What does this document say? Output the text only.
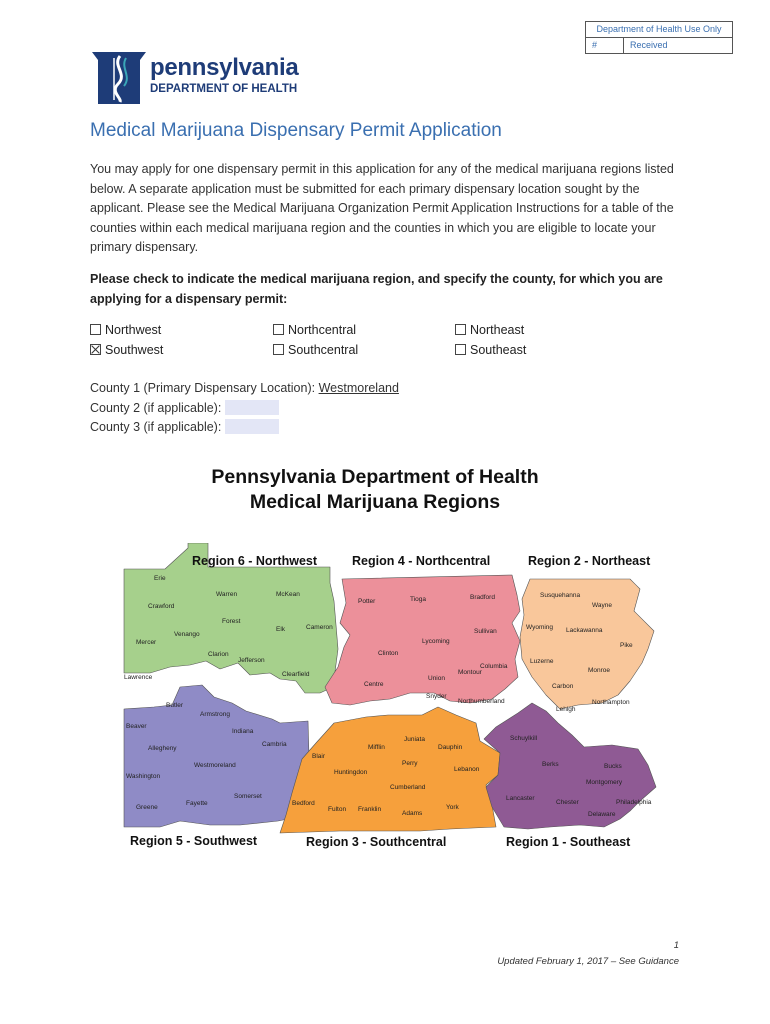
Department of Health Use Only
#	Received
pennsylvania
DEPARTMENT OF HEALTH
Medical Marijuana Dispensary Permit Application
You may apply for one dispensary permit in this application for any of the medical marijuana regions listed below. A separate application must be submitted for each primary dispensary location sought by the applicant. Please see the Medical Marijuana Organization Permit Application Instructions for a table of the counties within each medical marijuana region and the counties in which you are eligible to locate your primary dispensary.
Please check to indicate the medical marijuana region, and specify the county, for which you are applying for a dispensary permit:
Northwest	Northcentral	Northeast
Southwest	Southcentral	Southeast
County 1 (Primary Dispensary Location): Westmoreland
County 2 (if applicable):
County 3 (if applicable):
Pennsylvania Department of Health
Medical Marijuana Regions
Region 6 - Northwest	Region 4 - Northcentral	Region 2 - Northeast
Region 5 - Southwest	Region 3 - Southcentral	Region 1 - Southeast
Erie
Crawford
Warren	McKean
Forest
Elk	Cameron
Mercer
Venango
Clarion
Jefferson
Clearfield
Lawrence
Potter	Tioga	Bradford
Sullivan
Lycoming
Clinton
Columbia
Montour
Centre
Union
Snyder
Northumberland
Susquehanna
Wayne
Wyoming Lackawanna
Pike
Luzerne
Monroe
Carbon
Northampton
Lehigh
Butler
Armstrong
Beaver
Indiana
Allegheny
Cambria
Westmoreland
Washington
Somerset
Greene
Fayette
Juniata
Mifflin	Dauphin
Blair
Perry
Huntingdon	Lebanon
Cumberland
Bedford
Fulton Franklin	York
Adams
Schuylkill
Berks	Bucks
Montgomery
Lancaster
Chester	Philadelphia
Delaware
1
Updated February 1, 2017 – See Guidance
